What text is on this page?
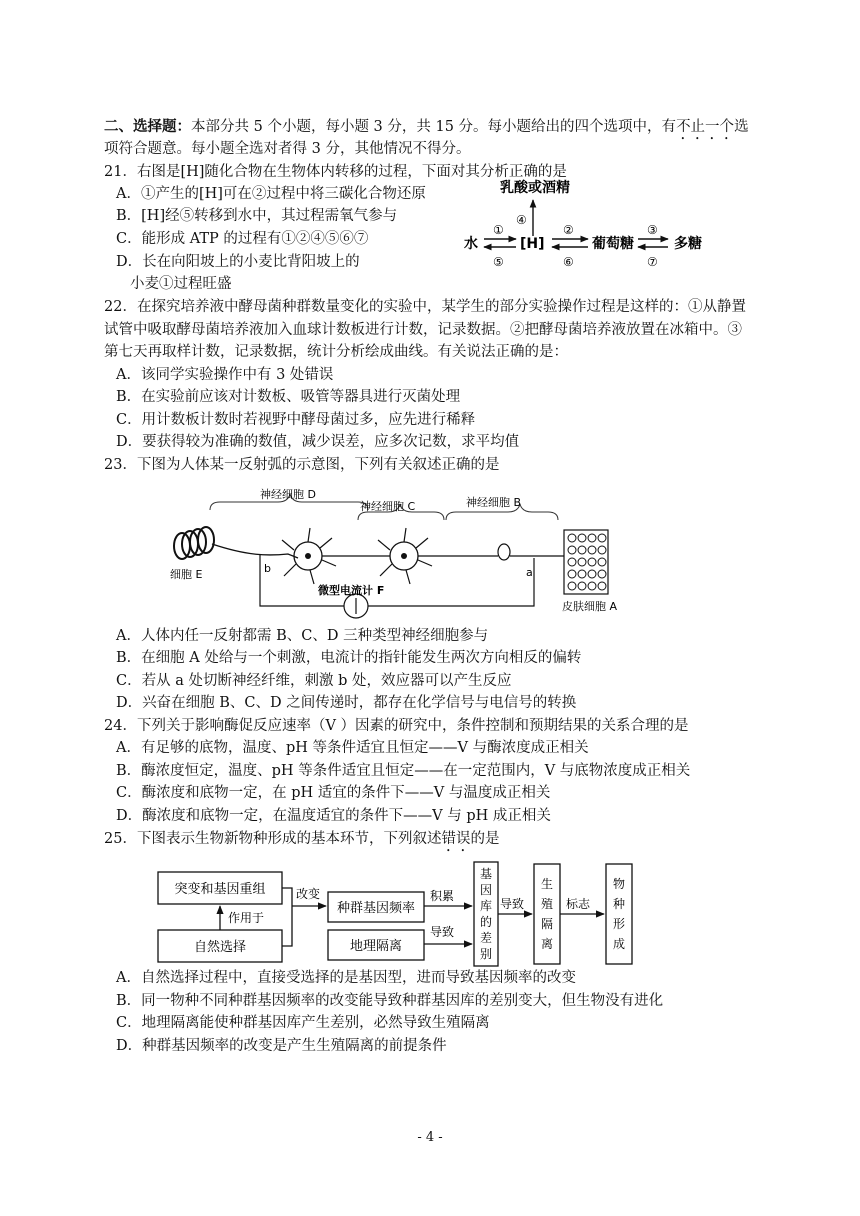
二、选择题：本部分共 5 个小题，每小题 3 分，共 15 分。每小题给出的四个选项中，有不止一个选
项符合题意。每小题全选对者得 3 分，其他情况不得分。
21．右图是[H]随化合物在生物体内转移的过程，下面对其分析正确的是
A．①产生的[H]可在②过程中将三碳化合物还原
B．[H]经⑤转移到水中，其过程需氧气参与
C．能形成 ATP 的过程有①②④⑤⑥⑦
D．长在向阳坡上的小麦比背阳坡上的
小麦①过程旺盛
乳酸或酒精
④
水
①
⑤
[H]
②
⑥
葡萄糖
③
⑦
多糖
22．在探究培养液中酵母菌种群数量变化的实验中，某学生的部分实验操作过程是这样的：①从静置
试管中吸取酵母菌培养液加入血球计数板进行计数，记录数据。②把酵母菌培养液放置在冰箱中。③
第七天再取样计数，记录数据，统计分析绘成曲线。有关说法正确的是：
A．该同学实验操作中有 3 处错误
B．在实验前应该对计数板、吸管等器具进行灭菌处理
C．用计数板计数时若视野中酵母菌过多，应先进行稀释
D．要获得较为准确的数值，减少误差，应多次记数，求平均值
23．下图为人体某一反射弧的示意图，下列有关叙述正确的是
神经细胞 D
神经细胞 C	神经细胞 B
细胞 E
皮肤细胞 A
b	a
微型电流计 F
A．人体内任一反射都需 B、C、D 三种类型神经细胞参与
B．在细胞 A 处给与一个刺激，电流计的指针能发生两次方向相反的偏转
C．若从 a 处切断神经纤维，刺激 b 处，效应器可以产生反应
D．兴奋在细胞 B、C、D 之间传递时，都存在化学信号与电信号的转换
24．下列关于影响酶促反应速率（V ）因素的研究中，条件控制和预期结果的关系合理的是
A．有足够的底物，温度、pH 等条件适宜且恒定——V 与酶浓度成正相关
B．酶浓度恒定，温度、pH 等条件适宜且恒定——在一定范围内，V 与底物浓度成正相关
C．酶浓度和底物一定，在 pH 适宜的条件下——V 与温度成正相关
D．酶浓度和底物一定，在温度适宜的条件下——V 与 pH 成正相关
25．下图表示生物新物种形成的基本环节，下列叙述错误的是
突变和基因重组
自然选择
作用于
改变
种群基因频率
地理隔离
积累
导致
基
因
库
的
差
别
导致
生
殖
隔
离
标志
物
种
形
成
A．自然选择过程中，直接受选择的是基因型，进而导致基因频率的改变
B．同一物种不同种群基因频率的改变能导致种群基因库的差别变大，但生物没有进化
C．地理隔离能使种群基因库产生差别，必然导致生殖隔离
D．种群基因频率的改变是产生生殖隔离的前提条件
- 4 -
